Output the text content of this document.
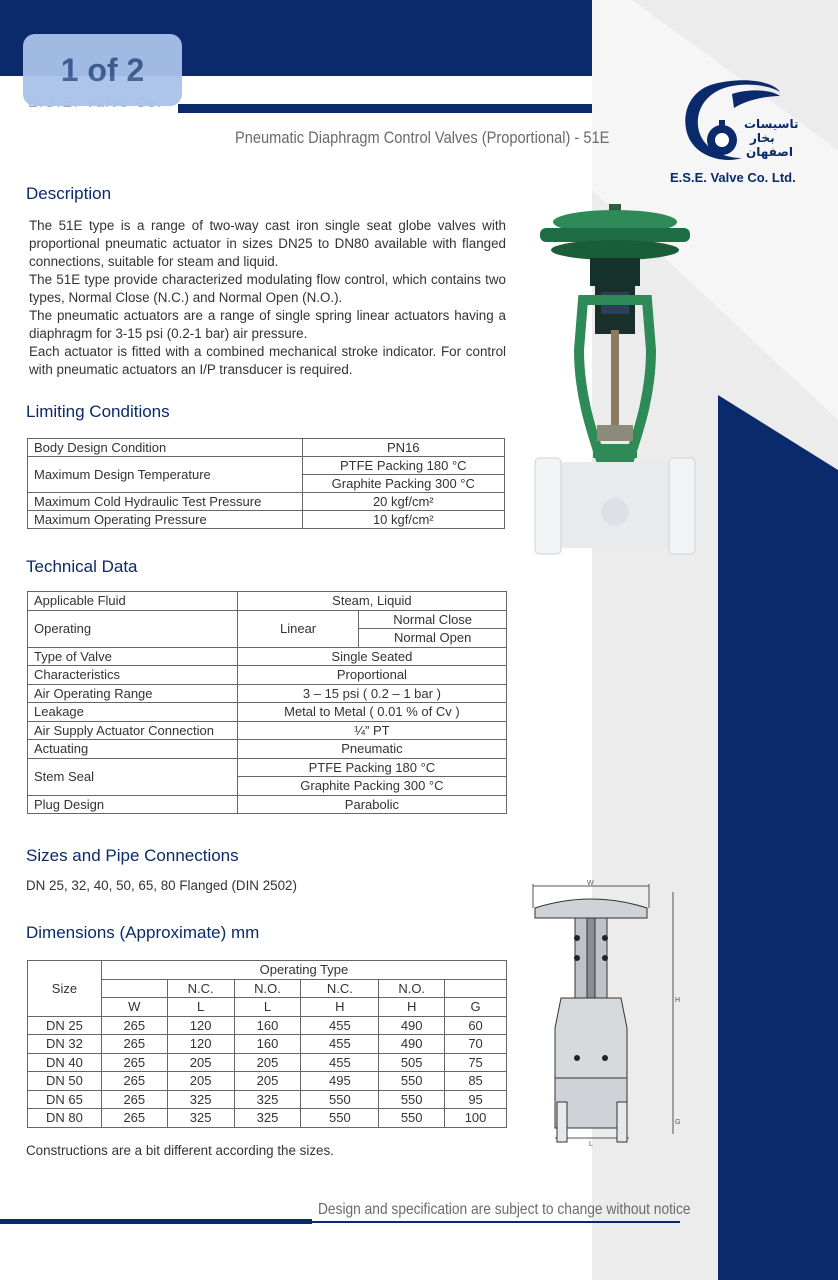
1 of 2
Pneumatic Diaphragm Control Valves (Proportional) - 51E
تاسیسات
بخار
اصفهان
E.S.E. Valve Co. Ltd.
Description

The 51E type is a range of two-way cast iron single seat globe valves with proportional pneumatic actuator in sizes DN25 to DN80 available with flanged connections, suitable for steam and liquid.

The 51E type provide characterized modulating flow control, which contains two types, Normal Close (N.C.) and Normal Open (N.O.).

The pneumatic actuators are a range of single spring linear actuators having a diaphragm for 3-15 psi (0.2-1 bar) air pressure.

Each actuator is fitted with a combined mechanical stroke indicator. For control with pneumatic actuators an I/P transducer is required.

Limiting Conditions
Body Design Condition	PN16
Maximum Design Temperature	PTFE Packing 180 °C
	Graphite Packing 300 °C
Maximum Cold Hydraulic Test Pressure	20 kgf/cm²
Maximum Operating Pressure	10 kgf/cm²
Technical Data
Applicable Fluid	Steam, Liquid	
Operating	Linear	Normal Close
		Normal Open
Type of Valve	Single Seated	
Characteristics	Proportional	
Air Operating Range	3 – 15 psi ( 0.2 – 1 bar )	
Leakage	Metal to Metal ( 0.01 % of Cv )	
Air Supply Actuator Connection	¼” PT	
Actuating	Pneumatic	
Stem Seal	PTFE Packing 180 °C	
	Graphite Packing 300 °C	
Plug Design	Parabolic	
Sizes and Pipe Connections
DN 25, 32, 40, 50, 65, 80 Flanged (DIN 2502)
Dimensions (Approximate) mm
Size	Operating Type					
		N.C.	N.O.	N.C.	N.O.	
	W	L	L	H	H	G
DN 25	265	120	160	455	490	60
DN 32	265	120	160	455	490	70
DN 40	265	205	205	455	505	75
DN 50	265	205	205	495	550	85
DN 65	265	325	325	550	550	95
DN 80	265	325	325	550	550	100
W
H
G
L
Constructions are a bit different according the sizes.
Design and specification are subject to change without notice
